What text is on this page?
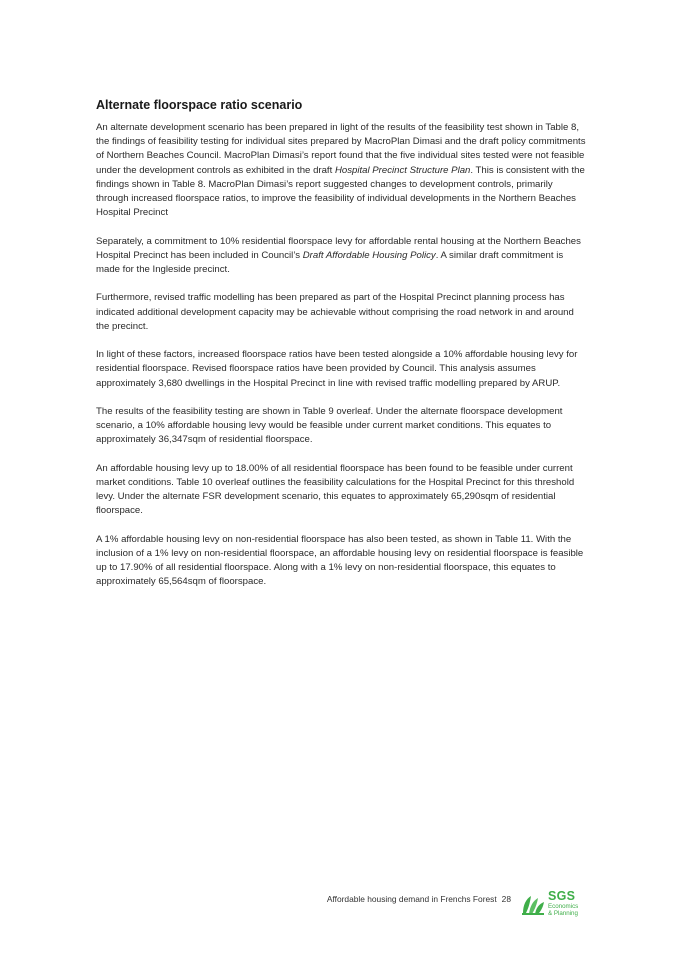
Alternate floorspace ratio scenario

An alternate development scenario has been prepared in light of the results of the feasibility test shown in Table 8, the findings of feasibility testing for individual sites prepared by MacroPlan Dimasi and the draft policy commitments of Northern Beaches Council. MacroPlan Dimasi’s report found that the five individual sites tested were not feasible under the development controls as exhibited in the draft Hospital Precinct Structure Plan. This is consistent with the findings shown in Table 8. MacroPlan Dimasi’s report suggested changes to development controls, primarily through increased floorspace ratios, to improve the feasibility of individual developments in the Northern Beaches Hospital Precinct

Separately, a commitment to 10% residential floorspace levy for affordable rental housing at the Northern Beaches Hospital Precinct has been included in Council’s Draft Affordable Housing Policy. A similar draft commitment is made for the Ingleside precinct.

Furthermore, revised traffic modelling has been prepared as part of the Hospital Precinct planning process has indicated additional development capacity may be achievable without comprising the road network in and around the precinct.

In light of these factors, increased floorspace ratios have been tested alongside a 10% affordable housing levy for residential floorspace. Revised floorspace ratios have been provided by Council. This analysis assumes approximately 3,680 dwellings in the Hospital Precinct in line with revised traffic modelling prepared by ARUP.

The results of the feasibility testing are shown in Table 9 overleaf. Under the alternate floorspace development scenario, a 10% affordable housing levy would be feasible under current market conditions. This equates to approximately 36,347sqm of residential floorspace.

An affordable housing levy up to 18.00% of all residential floorspace has been found to be feasible under current market conditions. Table 10 overleaf outlines the feasibility calculations for the Hospital Precinct for this threshold levy. Under the alternate FSR development scenario, this equates to approximately 65,290sqm of residential floorspace.

A 1% affordable housing levy on non-residential floorspace has also been tested, as shown in Table 11. With the inclusion of a 1% levy on non-residential floorspace, an affordable housing levy on residential floorspace is feasible up to 17.90% of all residential floorspace. Along with a 1% levy on non-residential floorspace, this equates to approximately 65,564sqm of floorspace.

Affordable housing demand in Frenchs Forest 28	SGS
Economics
& Planning
